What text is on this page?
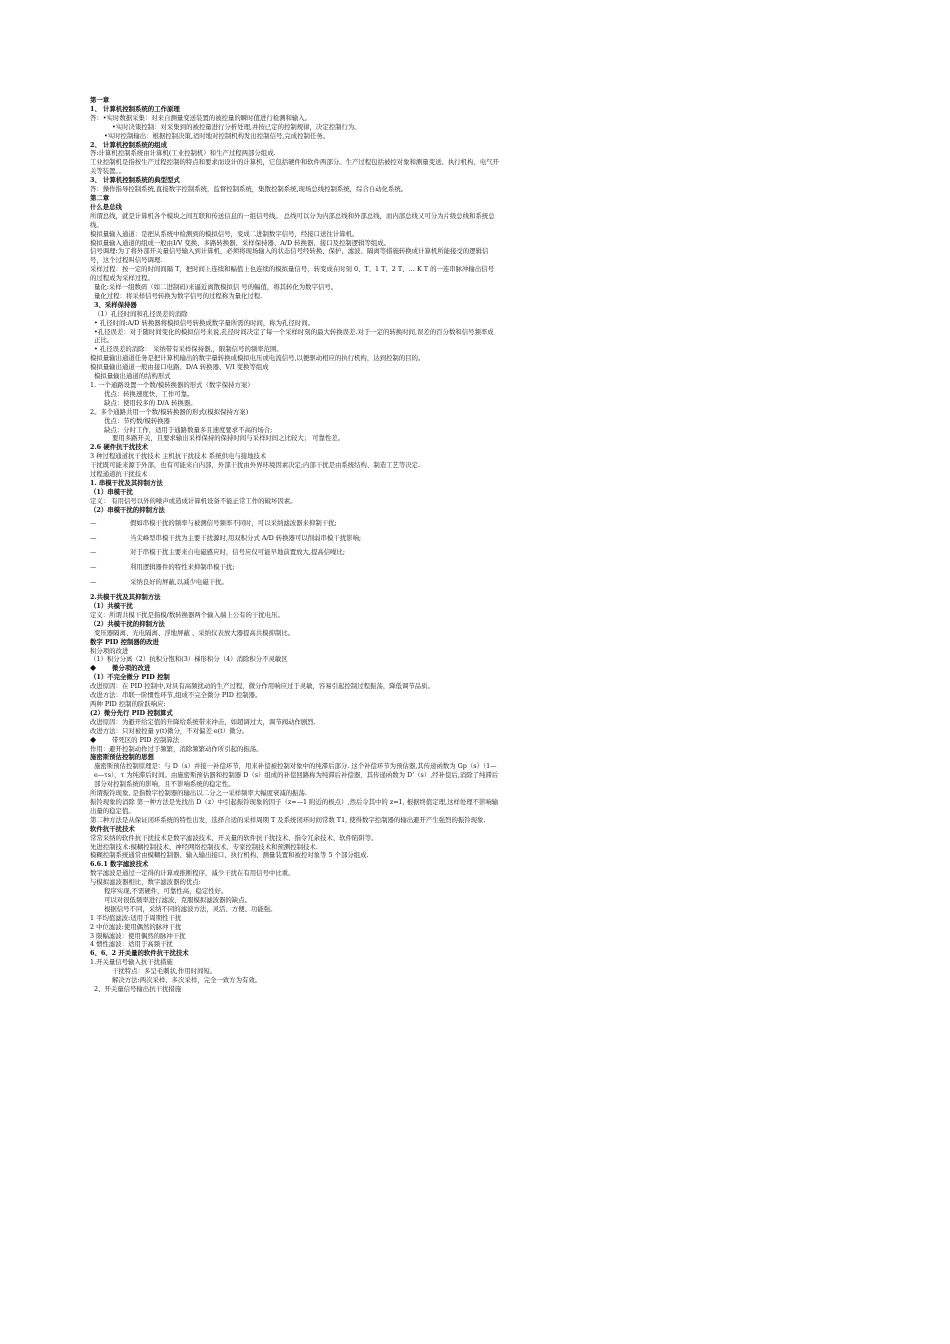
第一章
1、 计算机控制系统的工作原理
答：•实时数据采集：对来自测量变送装置的被控量的瞬时值进行检测和输入。
•实时决策控制：对采集到的被控量进行分析处理,并按已定的控制规律，决定控制行为。
•实时控制输出：根据控制决策,适时地对控制机构发出控制信号,完成控制任务。
2、 计算机控制系统的组成
答:计算机控制系统由计算机(工业控制机）和生产过程两部分组成.
工业控制机是指按生产过程控制的特点和要求而设计的计算机，它包括硬件和软件两部分。生产过程包括被控对象和测量变送、执行机构、电气开关等装置。。
3、 计算机控制系统的典型型式
答：操作指导控制系统,直接数字控制系统，监督控制系统，集散控制系统,现场总线控制系统，综合自动化系统。
第二章
什么是总线
所谓总线，就是计算机各个模块之间互联和传送信息的一组信号线。 总线可以分为内部总线和外部总线，而内部总线又可分为片级总线和系统总线。
模拟量输入通道：是把从系统中检测到的模拟信号，变成二进制数字信号，经接口送往计算机。
模拟量输入通道的组成一般由I/V 变换、多路转换器、采样保持器、A/D 转换器、接口及控制逻辑等组成。
信号调理:为了将外部开关量信号输入到计算机，必须将现场输入的状态信号经转换、保护、滤波、隔离等措施转换成计算机所能接受的逻辑信号，这个过程叫信号调理.
采样过程：按一定的时间间隔 T，把时间上连续和幅值上也连续的模拟量信号，转变成在时刻 0、T、1 T、2 T、… K T 的一连串脉冲输出信号的过程成为采样过程。
量化:采样一组数码（如二进制码)来逼近离散模拟信 号的幅值，将其转化为数字信号。
量化过程：将采样信号转换为数字信号的过程称为量化过程.
3、采样保持器
（1）孔径时间和孔径误差的消除
• 孔径时间:A/D 转换器将模拟信号转换成数字量所需的时间，称为孔径时间。
•孔径误差：对于随时间变化的模拟信号来说,孔径时间决定了每一个采样时刻的最大转换误差.对于一定的转换时间,误差的百分数和信号频率成正比。
• 孔径误差的消除： 采纳带有采样保持器,，限制信号的频率范围。
模拟量输出通道任务是把计算机输出的数字量转换成模拟电压或电流信号,以便驱动相应的执行机构，达到控制的目的。
模拟量输出通道一般由接口电路、D/A 转换器、V/I 变换等组成
模拟量输出通道的结构形式
1. 一个通路设置一个数/模转换器的形式（数字保持方案）
优点：转换速度快、工作可靠。
缺点：使用较多的 D/A 转换器。
2。多个通路共用一个数/模转换器的形式(模拟保持方案)
优点：节约数/模转换器
缺点：分时工作，适用于通路数量多且速度要求不高的场合;
要用多路开关，且要求输出采样保持的保持时间与采样时间之比较大； 可靠性差。
2.6 硬件抗干扰技术
3 种过程通道抗干扰技术 主机抗干扰技术 系统供电与接地技术
干扰既可能来源于外部，也有可能来自内部，外部干扰由外界环境因素决定;内部干扰是由系统结构、制造工艺等决定.
过程通道抗干扰技术
1. 串模干扰及其抑制方法
（1）串模干扰
定义： 有用信号以外的噪声或造成计算机设备不能正常工作的破坏因素。
（2）串模干扰的抑制方法
—	假如串模干扰的频率与被测信号频率不同时，可以采纳滤波器来抑制干扰;
—	当尖峰型串模干扰为主要干扰源时,用双积分式 A/D 转换器可以削弱串模干扰影响;
—	对于串模干扰主要来自电磁感应时，信号应仅可能早地前置放大,提高信噪比;
—	利用逻辑器件的特性来抑制串模干扰;
—	采纳良好的屏蔽,以减少电磁干扰。
2.共模干扰及其抑制方法
（1）共模干扰
定义：所谓共模干扰是指模/数转换器两个输入端上公有的干扰电压。
（2）共模干扰的抑制方法
变压器隔离、光电隔离、浮地屏蔽 、采纳仪表放大器提高共模抑制比。
数字 PID 控制器的改进
积分项的改进
（1）积分分离（2）抗积分饱和(3）梯形积分（4）消除积分不灵敏区
◆	微分项的改进
（1）不完全微分 PID 控制
改进原因：在 PID 控制中,对具有高频扰动的生产过程，微分作用响应过于灵敏，容易引起控制过程振荡，降低调节品质。
改进方法：串联一阶惯性环节,组成不完全微分 PID 控制器。
两种 PID 控制的阶跃响应:
(2）微分先行 PID 控制算式
改进原因：为避开给定值的升降给系统带来冲击，如超调过大，调节阀动作剧烈.
改进方法：只对被控量 y(t)微分，不对偏差 e(t）微分。
◆	带死区的 PID 控制算法
作用：避开控制动作过于频繁，消除频繁动作所引起的振荡。
施密斯预估控制的思想
施密斯预估控制原理是：与 D（s）并接一补偿环节，用来补偿被控制对象中的纯滞后部分. 这个补偿环节为预估器,其传递函数为 Gp（s）（1—e—τs），τ 为纯滞后时间。由施密斯预估器和控制器 D（s）组成的补偿回路称为纯滞后补偿器，其传递函数为 D’（s）,经补偿后,消除了纯滞后部分对控制系统的影响，且不影响系统的稳定性。
所谓振铃现象, 是指数字控制器的输出以二分之一采样频率大幅度衰减的振荡.
振铃现象的消除 第一种方法是先找出 D（z）中引起振铃现象的因子（z=—1 附近的极点）,然后令其中的 z=1, 根据终值定理,这样处理不影响输出量的稳定值。
第二种方法是从保证闭环系统的特性出发，选择合适的采样周期 T 及系统闭环时间常数 T1, 使得数字控制器的输出避开产生强烈的振铃现象.
软件抗干扰技术
常常采纳的软件抗干扰技术是数字滤波技术、开关量的软件抗干扰技术、指令冗余技术、软件陷阱等。
先进控制技术:模糊控制技术、神经网络控制技术、专家控制技术和预测控制技术.
模糊控制系统通常由模糊控制器、输入输出接口、执行机构、测量装置和被控对象等 5 个部分组成.
6.6.1 数字滤波技术
数字滤波是通过一定得的计算或推断程序，减少干扰在有用信号中比重。
与模拟滤波器相比，数字滤波器的优点:
程序实现,不需硬件，可靠性高，稳定性好。
可以对很低频率进行滤波，克服模拟滤波器的缺点。
根据信号不同，采纳不同的滤波方法，灵活、方便、功能强。
1 平均值滤波:适用于周期性干扰
2 中位滤波:使用偶然的脉冲干扰
3 限幅滤波：使用偶然的脉冲干扰
4 惯性滤波：适用于高频干扰
6、6、2 开关量的软件抗干扰技术
1.开关量信号输入抗干扰措施
干扰特点：多呈毛刺状,作用时间短。
解决方法:两次采样、多次采样，完全一致方为有效。
2、开关量信号输出抗干扰措施
